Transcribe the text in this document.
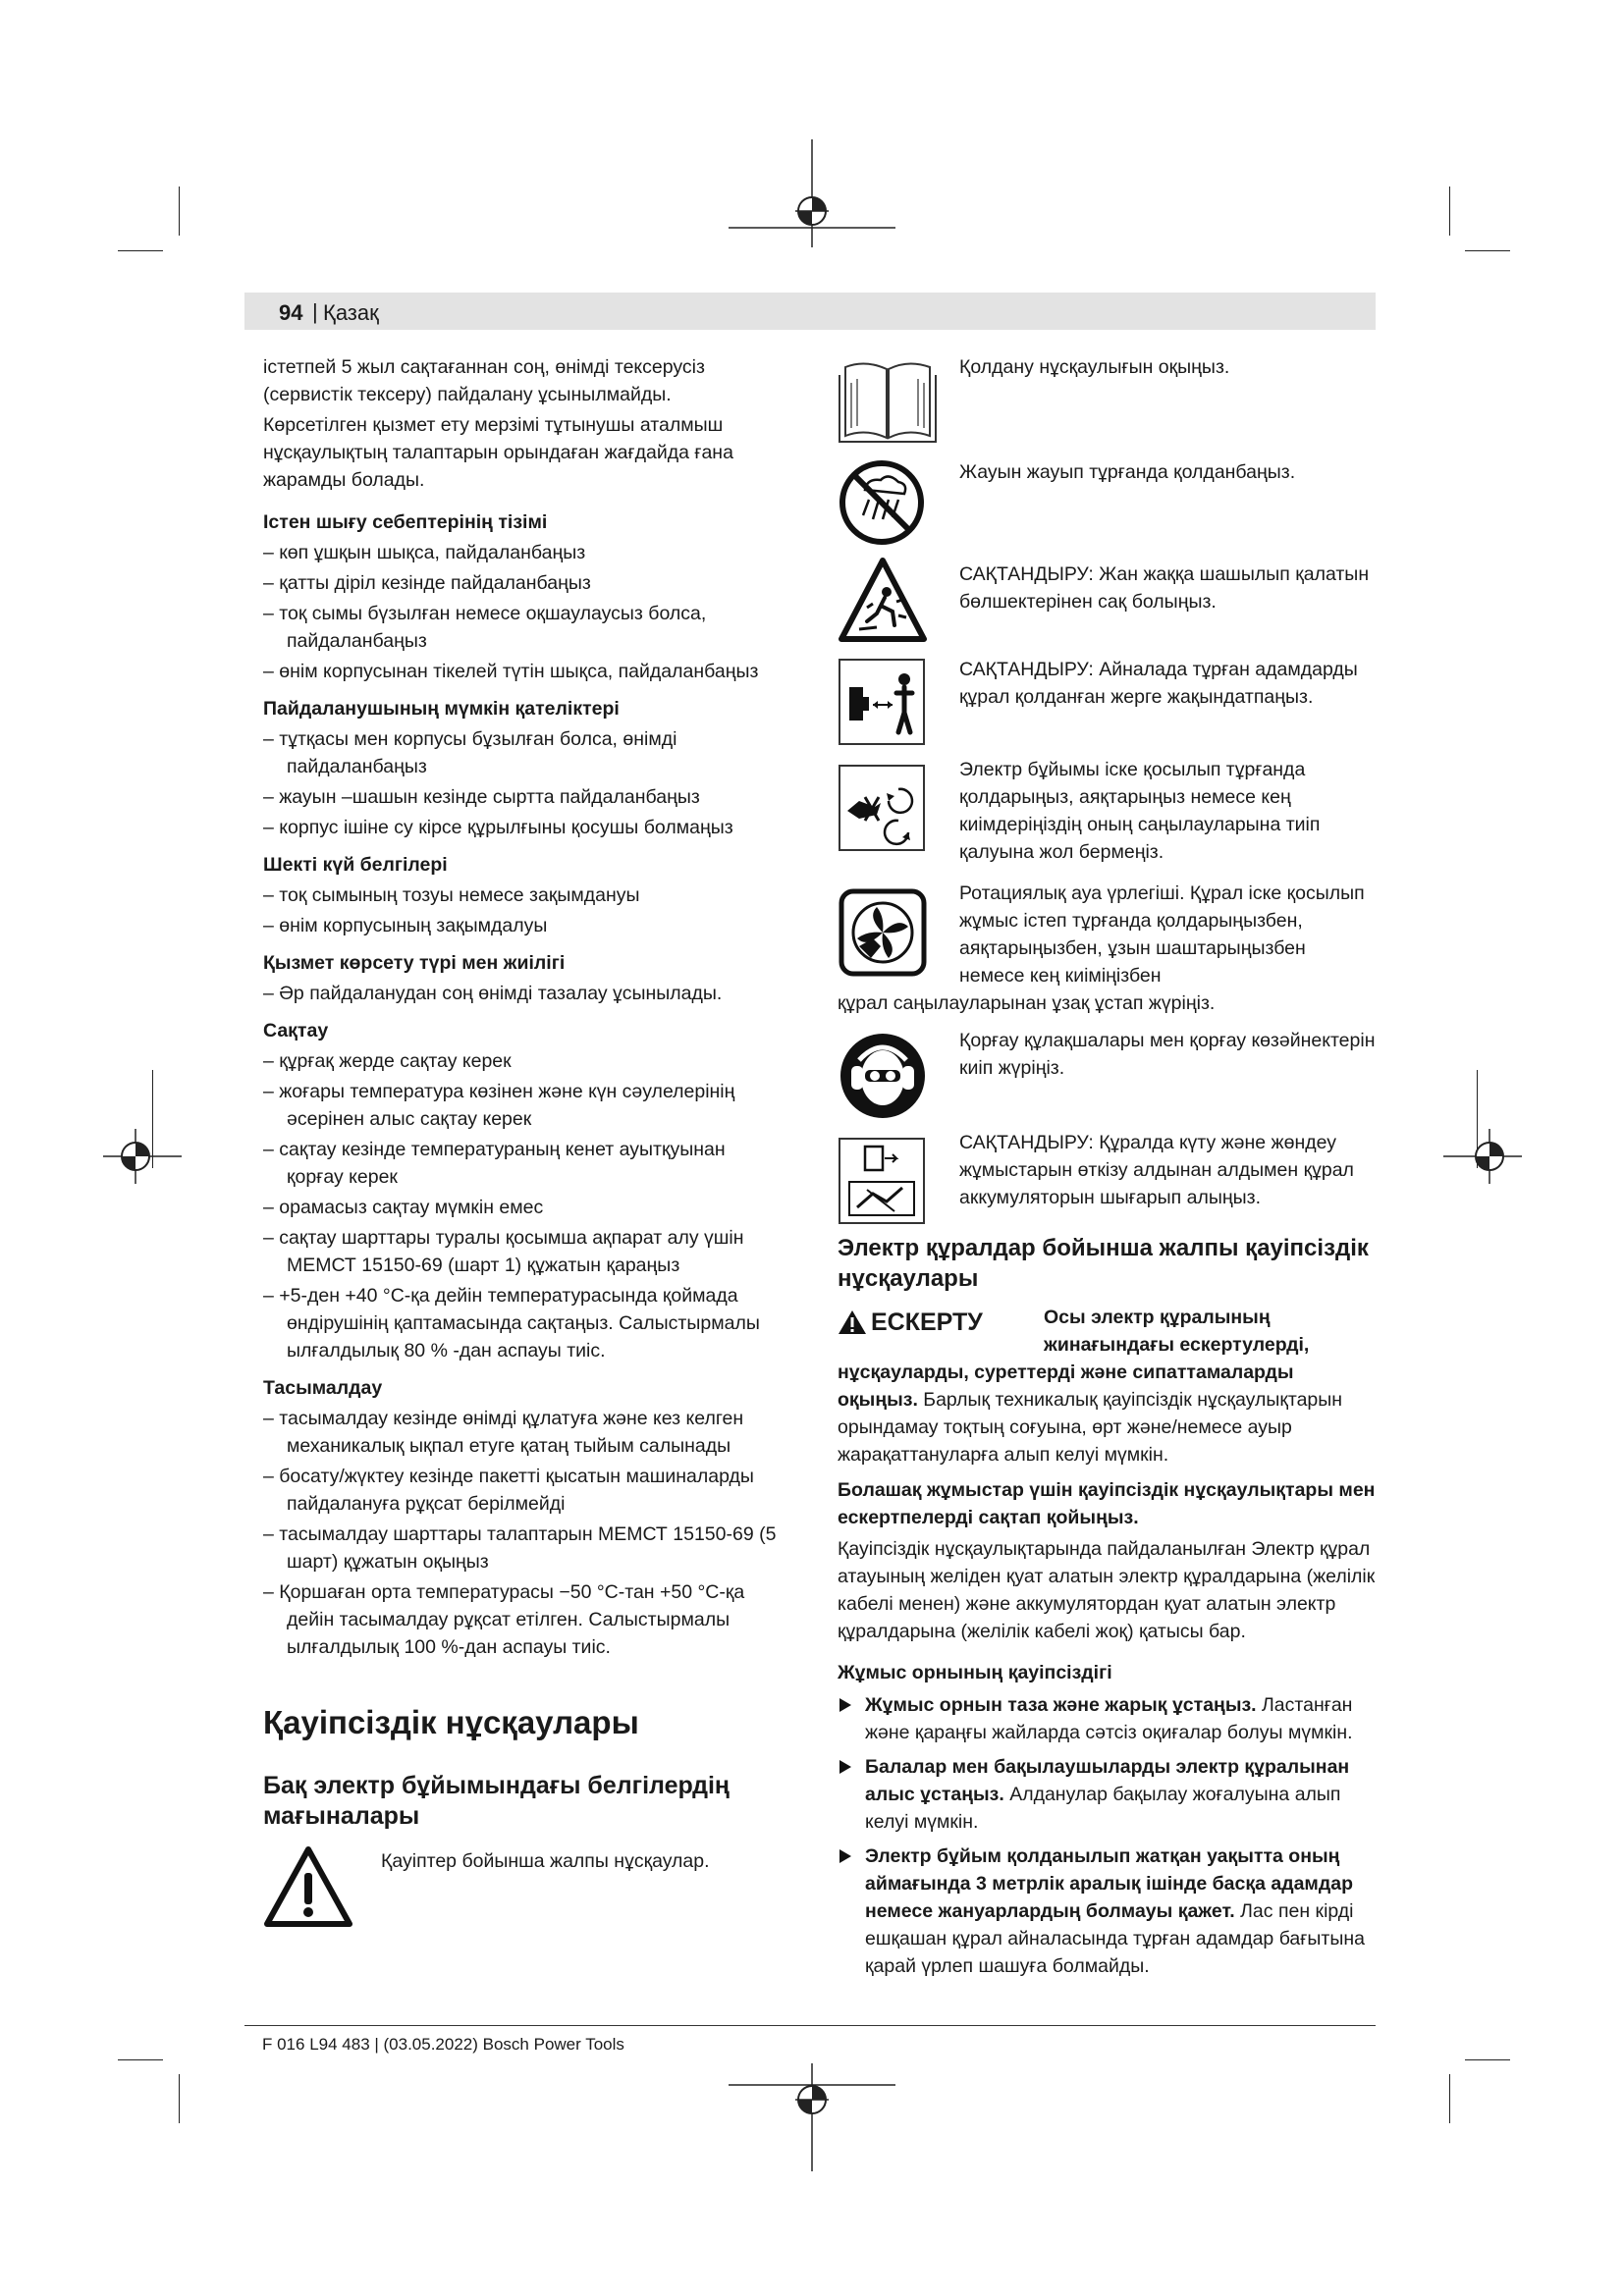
94 | Қазақ

істетпей 5 жыл сақтағаннан соң, өнімді тексерусіз (сервистік тексеру) пайдалану ұсынылмайды.

Көрсетілген қызмет ету мерзімі тұтынушы аталмыш нұсқаулықтың талаптарын орындаған жағдайда ғана жарамды болады.

Істен шығу себептерінің тізімі

– көп ұшқын шықса, пайдаланбаңыз

– қатты діріл кезінде пайдаланбаңыз

– тоқ сымы бүзылған немесе оқшаулаусыз болса, пайдаланбаңыз

– өнім корпусынан тікелей түтін шықса, пайдаланбаңыз

Пайдаланушының мүмкін қателіктері

– тұтқасы мен корпусы бұзылған болса, өнімді пайдаланбаңыз

– жауын –шашын кезінде сыртта пайдаланбаңыз

– корпус ішіне су кірсе құрылғыны қосушы болмаңыз

Шекті күй белгілері

– тоқ сымының тозуы немесе зақымдануы

– өнім корпусының зақымдалуы

Қызмет көрсету түрі мен жиілігі

– Әр пайдаланудан соң өнімді тазалау ұсынылады.

Сақтау

– құрғақ жерде сақтау керек

– жоғары температура көзінен және күн сәулелерінің әсерінен алыс сақтау керек

– сақтау кезінде температураның кенет ауытқуынан қорғау керек

– орамасыз сақтау мүмкін емес

– сақтау шарттары туралы қосымша ақпарат алу үшін МЕМСТ 15150-69 (шарт 1) құжатын қараңыз

– +5-ден +40 °C-қа дейін температурасында қоймада өндірушінің қаптамасында сақтаңыз. Салыстырмалы ылғалдылық 80 % -дан аспауы тиіс.

Тасымалдау

– тасымалдау кезінде өнімді құлатуға және кез келген механикалық ықпал етуге қатаң тыйым салынады

– босату/жүктеу кезінде пакетті қысатын машиналарды пайдалануға рұқсат берілмейді

– тасымалдау шарттары талаптарын МЕМСТ 15150-69 (5 шарт) құжатын оқыңыз

– Қоршаған орта температурасы −50 °C-тан +50 °C-қа дейін тасымалдау рұқсат етілген. Салыстырмалы ылғалдылық 100 %-дан аспауы тиіс.

Қауіпсіздік нұсқаулары

Бақ электр бұйымындағы белгілердің мағыналары

Қауіптер бойынша жалпы нұсқаулар.

Қолдану нұсқаулығын оқыңыз.

Жауын жауып тұрғанда қолданбаңыз.

САҚТАНДЫРУ: Жан жаққа шашылып қалатын бөлшектерінен сақ болыңыз.

САҚТАНДЫРУ: Айналада тұрған адамдарды құрал қолданған жерге жақындатпаңыз.

Электр бұйымы іске қосылып тұрғанда қолдарыңыз, аяқтарыңыз немесе кең киімдеріңіздің оның саңылауларына тиіп қалуына жол бермеңіз.

Ротациялық ауа үрлегіші. Құрал іске қосылып жұмыс істеп тұрғанда қолдарыңызбен, аяқтарыңызбен, ұзын шаштарыңызбен немесе кең киіміңізбен

құрал саңылауларынан ұзақ ұстап жүріңіз.

Қорғау құлақшалары мен қорғау көзәйнектерін киіп жүріңіз.

САҚТАНДЫРУ: Құралда күту және жөндеу жұмыстарын өткізу алдынан алдымен құрал аккумуляторын шығарып алыңыз.

Электр құралдар бойынша жалпы қауіпсіздік нұсқаулары

ЕСКЕРТУ	Осы электр құралының жинағындағы ескертулерді,

нұсқауларды, суреттерді және сипаттамаларды оқыңыз. Барлық техникалық қауіпсіздік нұсқаулықтарын орындамау тоқтың соғуына, өрт және/немесе ауыр жарақаттануларға алып келуі мүмкін.

Болашақ жұмыстар үшін қауіпсіздік нұсқаулықтары мен ескертпелерді сақтап қойыңыз.

Қауіпсіздік нұсқаулықтарында пайдаланылған Электр құрал атауының желіден қуат алатын электр құралдарына (желілік кабелі менен) және аккумулятордан қуат алатын электр құралдарына (желілік кабелі жоқ) қатысы бар.

Жұмыс орнының қауіпсіздігі

Жұмыс орнын таза және жарық ұстаңыз. Ластанған және қараңғы жайларда сәтсіз оқиғалар болуы мүмкін.

Балалар мен бақылаушыларды электр құралынан алыс ұстаңыз. Алданулар бақылау жоғалуына алып келуі мүмкін.

Электр бұйым қолданылып жатқан уақытта оның аймағында 3 метрлік аралық ішінде басқа адамдар немесе жануарлардың болмауы қажет. Лас пен кірді ешқашан құрал айналасында тұрған адамдар бағытына қарай үрлеп шашуға болмайды.

F 016 L94 483 | (03.05.2022) Bosch Power Tools
